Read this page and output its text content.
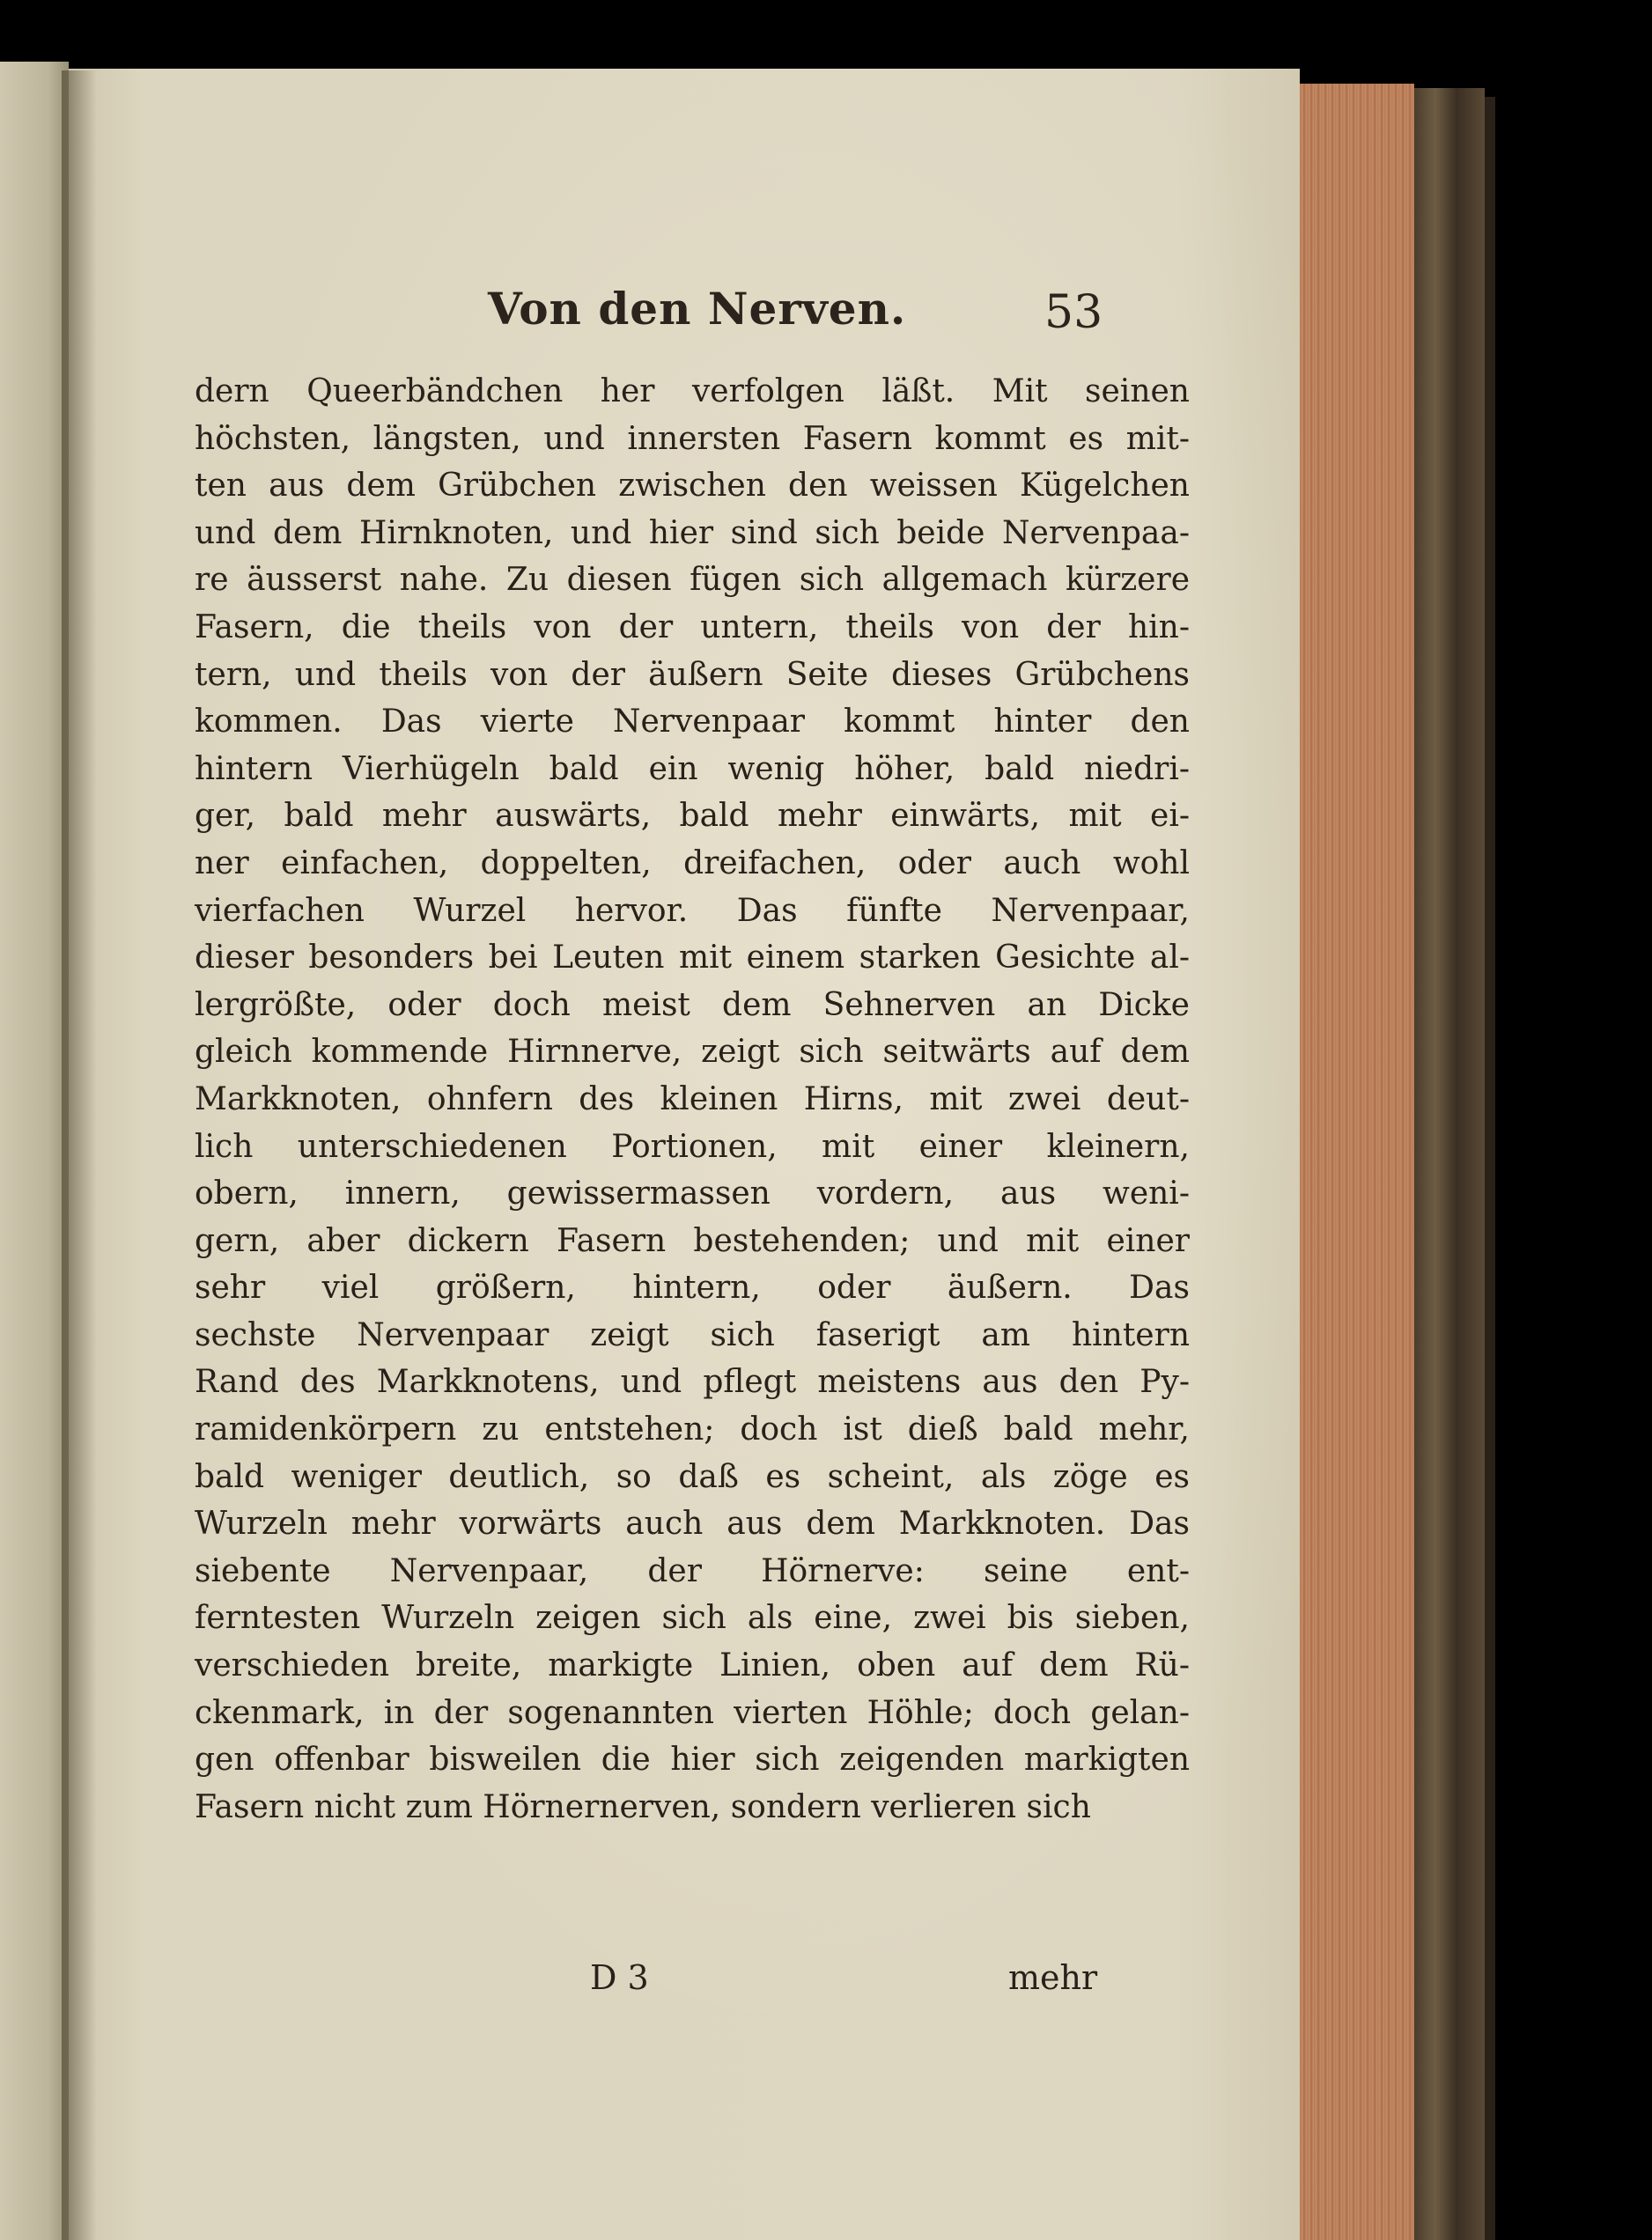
Von den Nerven.	53
dern Queerbändchen her verfolgen läßt. Mit seinen
höchsten, längsten, und innersten Fasern kommt es mit-
ten aus dem Grübchen zwischen den weissen Kügelchen
und dem Hirnknoten, und hier sind sich beide Nervenpaa-
re äusserst nahe. Zu diesen fügen sich allgemach kürzere
Fasern, die theils von der untern, theils von der hin-
tern, und theils von der äußern Seite dieses Grübchens
kommen. Das vierte Nervenpaar kommt hinter den
hintern Vierhügeln bald ein wenig höher, bald niedri-
ger, bald mehr auswärts, bald mehr einwärts, mit ei-
ner einfachen, doppelten, dreifachen, oder auch wohl
vierfachen Wurzel hervor. Das fünfte Nervenpaar,
dieser besonders bei Leuten mit einem starken Gesichte al-
lergrößte, oder doch meist dem Sehnerven an Dicke
gleich kommende Hirnnerve, zeigt sich seitwärts auf dem
Markknoten, ohnfern des kleinen Hirns, mit zwei deut-
lich unterschiedenen Portionen, mit einer kleinern,
obern, innern, gewissermassen vordern, aus weni-
gern, aber dickern Fasern bestehenden; und mit einer
sehr viel größern, hintern, oder äußern. Das
sechste Nervenpaar zeigt sich faserigt am hintern
Rand des Markknotens, und pflegt meistens aus den Py-
ramidenkörpern zu entstehen; doch ist dieß bald mehr,
bald weniger deutlich, so daß es scheint, als zöge es
Wurzeln mehr vorwärts auch aus dem Markknoten. Das
siebente Nervenpaar, der Hörnerve: seine ent-
ferntesten Wurzeln zeigen sich als eine, zwei bis sieben,
verschieden breite, markigte Linien, oben auf dem Rü-
ckenmark, in der sogenannten vierten Höhle; doch gelan-
gen offenbar bisweilen die hier sich zeigenden markigten
Fasern nicht zum Hörnernerven, sondern verlieren sich
D 3	mehr
